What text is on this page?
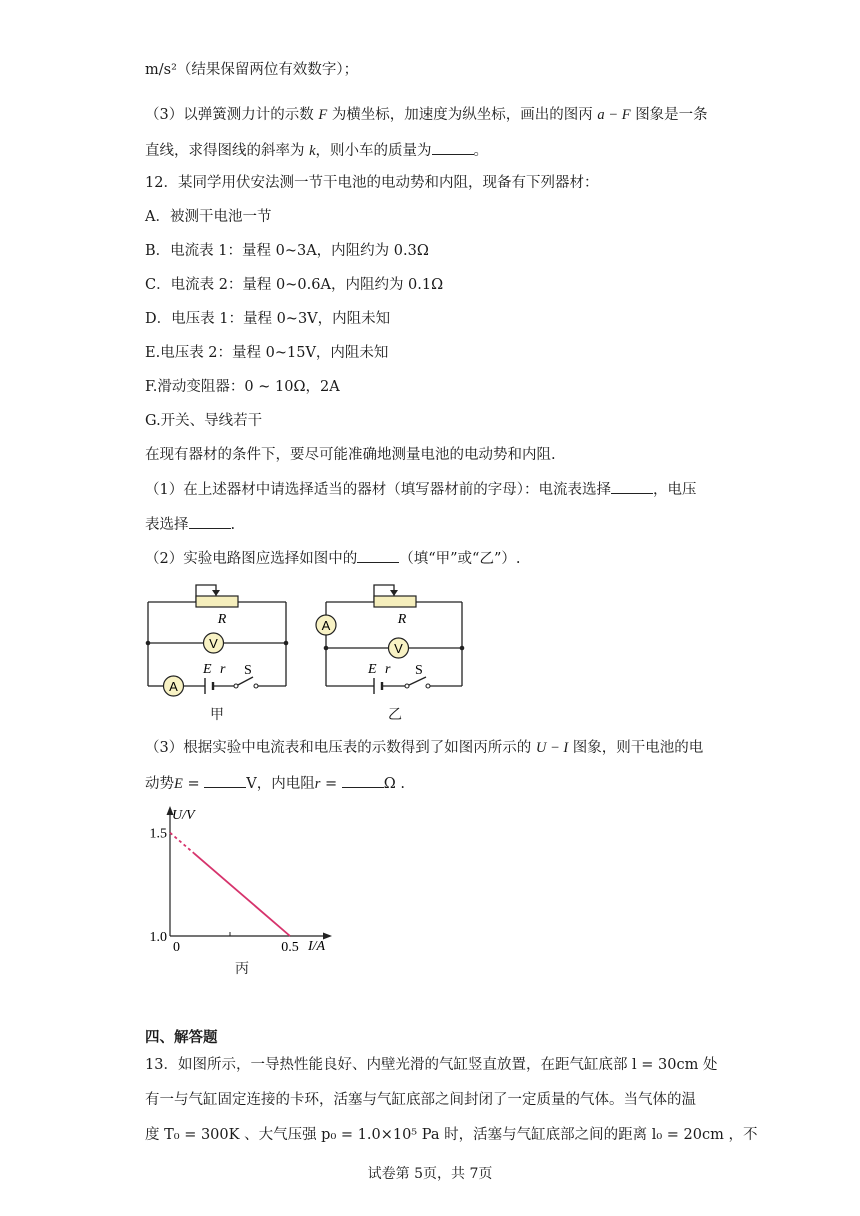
m/s²（结果保留两位有效数字）；
（3）以弹簧测力计的示数 F 为横坐标，加速度为纵坐标，画出的图丙 a − F 图象是一条
直线，求得图线的斜率为 k，则小车的质量为	。
12．某同学用伏安法测一节干电池的电动势和内阻，现备有下列器材：
A．被测干电池一节
B．电流表 1：量程 0~3A，内阻约为 0.3Ω
C．电流表 2：量程 0~0.6A，内阻约为 0.1Ω
D．电压表 1：量程 0~3V，内阻未知
E.电压表 2：量程 0~15V，内阻未知
F.滑动变阻器：0 ~ 10Ω，2A
G.开关、导线若干
在现有器材的条件下，要尽可能准确地测量电池的电动势和内阻.
（1）在上述器材中请选择适当的器材（填写器材前的字母）：电流表选择	，电压
表选择	.
（2）实验电路图应选择如图中的	（填“甲”或“乙”）.
R
V
A
E r S
甲
R
V
A
E r S
乙
（3）根据实验中电流表和电压表的示数得到了如图丙所示的 U − I 图象，则干电池的电
动势E =	V，内电阻r =	Ω .
U/V
I/A
1.0
1.5
0	0.5
丙
四、解答题
13．如图所示，一导热性能良好、内壁光滑的气缸竖直放置，在距气缸底部 l = 30cm 处
有一与气缸固定连接的卡环，活塞与气缸底部之间封闭了一定质量的气体。当气体的温
度 T₀ = 300K 、大气压强 p₀ = 1.0×10⁵ Pa 时，活塞与气缸底部之间的距离 l₀ = 20cm ，不
试卷第 5页，共 7页
